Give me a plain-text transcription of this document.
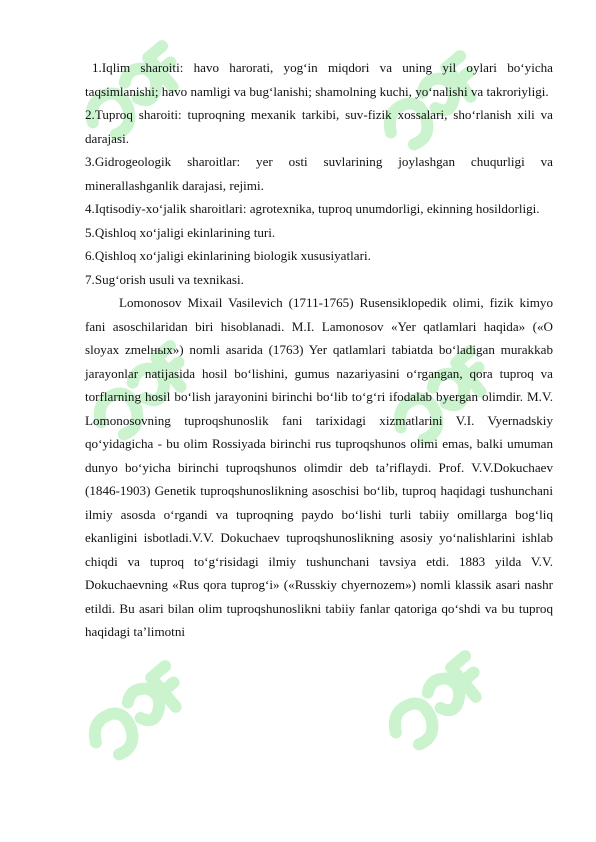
1.Iqlim sharoiti: havo harorati, yog‘in miqdori va uning yil oylari bo‘yicha taqsimlanishi; havo namligi va bug‘lanishi; shamolning kuchi, yo‘nalishi va takroriyligi.

2.Tuproq sharoiti: tuproqning mexanik tarkibi, suv-fizik xossalari, sho‘rlanish xili va darajasi.

3.Gidrogeologik sharoitlar: yer osti suvlarining joylashgan chuqurligi va minerallashganlik darajasi, rejimi.

4.Iqtisodiy-xo‘jalik sharoitlari: agrotexnika, tuproq unumdorligi, ekinning hosildorligi.

5.Qishloq xo‘jaligi ekinlarining turi.

6.Qishloq xo‘jaligi ekinlarining biologik xususiyatlari.

7.Sug‘orish usuli va texnikasi.

Lomonosov Mixail Vasilevich (1711-1765) Rusensiklopedik olimi, fizik kimyo fani asoschilaridan biri hisoblanadi. M.I. Lamonosov «Yer qatlamlari haqida» («O sloyax zmelных») nomli asarida (1763) Yer qatlamlari tabiatda bo‘ladigan murakkab jarayonlar natijasida hosil bo‘lishini, gumus nazariyasini o‘rgangan, qora tuproq va torflarning hosil bo‘lish jarayonini birinchi bo‘lib to‘g‘ri ifodalab byergan olimdir. M.V. Lomonosovning tuproqshunoslik fani tarixidagi xizmatlarini V.I. Vyernadskiy qo‘yidagicha - bu olim Rossiyada birinchi rus tuproqshunos olimi emas, balki umuman dunyo bo‘yicha birinchi tuproqshunos olimdir deb ta’riflaydi. Prof. V.V.Dokuchaev (1846-1903) Genetik tuproqshunoslikning asoschisi bo‘lib, tuproq haqidagi tushunchani ilmiy asosda o‘rgandi va tuproqning paydo bo‘lishi turli tabiiy omillarga bog‘liq ekanligini isbotladi.V.V. Dokuchaev tuproqshunoslikning asosiy yo‘nalishlarini ishlab chiqdi va tuproq to‘g‘risidagi ilmiy tushunchani tavsiya etdi. 1883 yilda V.V. Dokuchaevning «Rus qora tuprog‘i» («Russkiy chyernozem») nomli klassik asari nashr etildi. Bu asari bilan olim tuproqshunoslikni tabiiy fanlar qatoriga qo‘shdi va bu tuproq haqidagi ta’limotni
